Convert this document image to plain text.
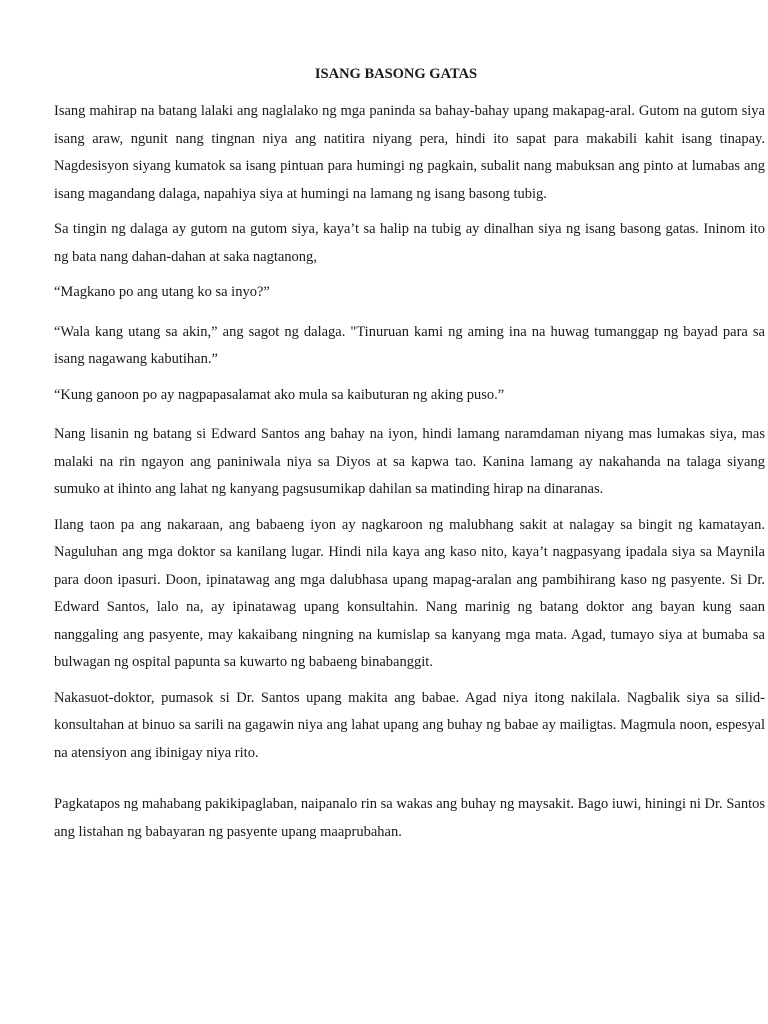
ISANG BASONG GATAS

Isang mahirap na batang lalaki ang naglalako ng mga paninda sa bahay-bahay upang makapag-aral. Gutom na gutom siya isang araw, ngunit nang tingnan niya ang natitira niyang pera, hindi ito sapat para makabili kahit isang tinapay. Nagdesisyon siyang kumatok sa isang pintuan para humingi ng pagkain, subalit nang mabuksan ang pinto at lumabas ang isang magandang dalaga, napahiya siya at humingi na lamang ng isang basong tubig.

Sa tingin ng dalaga ay gutom na gutom siya, kaya’t sa halip na tubig ay dinalhan siya ng isang basong gatas. Ininom ito ng bata nang dahan-dahan at saka nagtanong,

“Magkano po ang utang ko sa inyo?”

“Wala kang utang sa akin,” ang sagot ng dalaga. "Tinuruan kami ng aming ina na huwag tumanggap ng bayad para sa isang nagawang kabutihan.”

“Kung ganoon po ay nagpapasalamat ako mula sa kaibuturan ng aking puso.”

Nang lisanin ng batang si Edward Santos ang bahay na iyon, hindi lamang naramdaman niyang mas lumakas siya, mas malaki na rin ngayon ang paniniwala niya sa Diyos at sa kapwa tao. Kanina lamang ay nakahanda na talaga siyang sumuko at ihinto ang lahat ng kanyang pagsusumikap dahilan sa matinding hirap na dinaranas.

Ilang taon pa ang nakaraan, ang babaeng iyon ay nagkaroon ng malubhang sakit at nalagay sa bingit ng kamatayan. Naguluhan ang mga doktor sa kanilang lugar. Hindi nila kaya ang kaso nito, kaya’t nagpasyang ipadala siya sa Maynila para doon ipasuri. Doon, ipinatawag ang mga dalubhasa upang mapag-aralan ang pambihirang kaso ng pasyente. Si Dr. Edward Santos, lalo na, ay ipinatawag upang konsultahin. Nang marinig ng batang doktor ang bayan kung saan nanggaling ang pasyente, may kakaibang ningning na kumislap sa kanyang mga mata. Agad, tumayo siya at bumaba sa bulwagan ng ospital papunta sa kuwarto ng babaeng binabanggit.

Nakasuot-doktor, pumasok si Dr. Santos upang makita ang babae. Agad niya itong nakilala. Nagbalik siya sa silid-konsultahan at binuo sa sarili na gagawin niya ang lahat upang ang buhay ng babae ay mailigtas. Magmula noon, espesyal na atensiyon ang ibinigay niya rito.

Pagkatapos ng mahabang pakikipaglaban, naipanalo rin sa wakas ang buhay ng maysakit. Bago iuwi, hiningi ni Dr. Santos ang listahan ng babayaran ng pasyente upang maaprubahan.
